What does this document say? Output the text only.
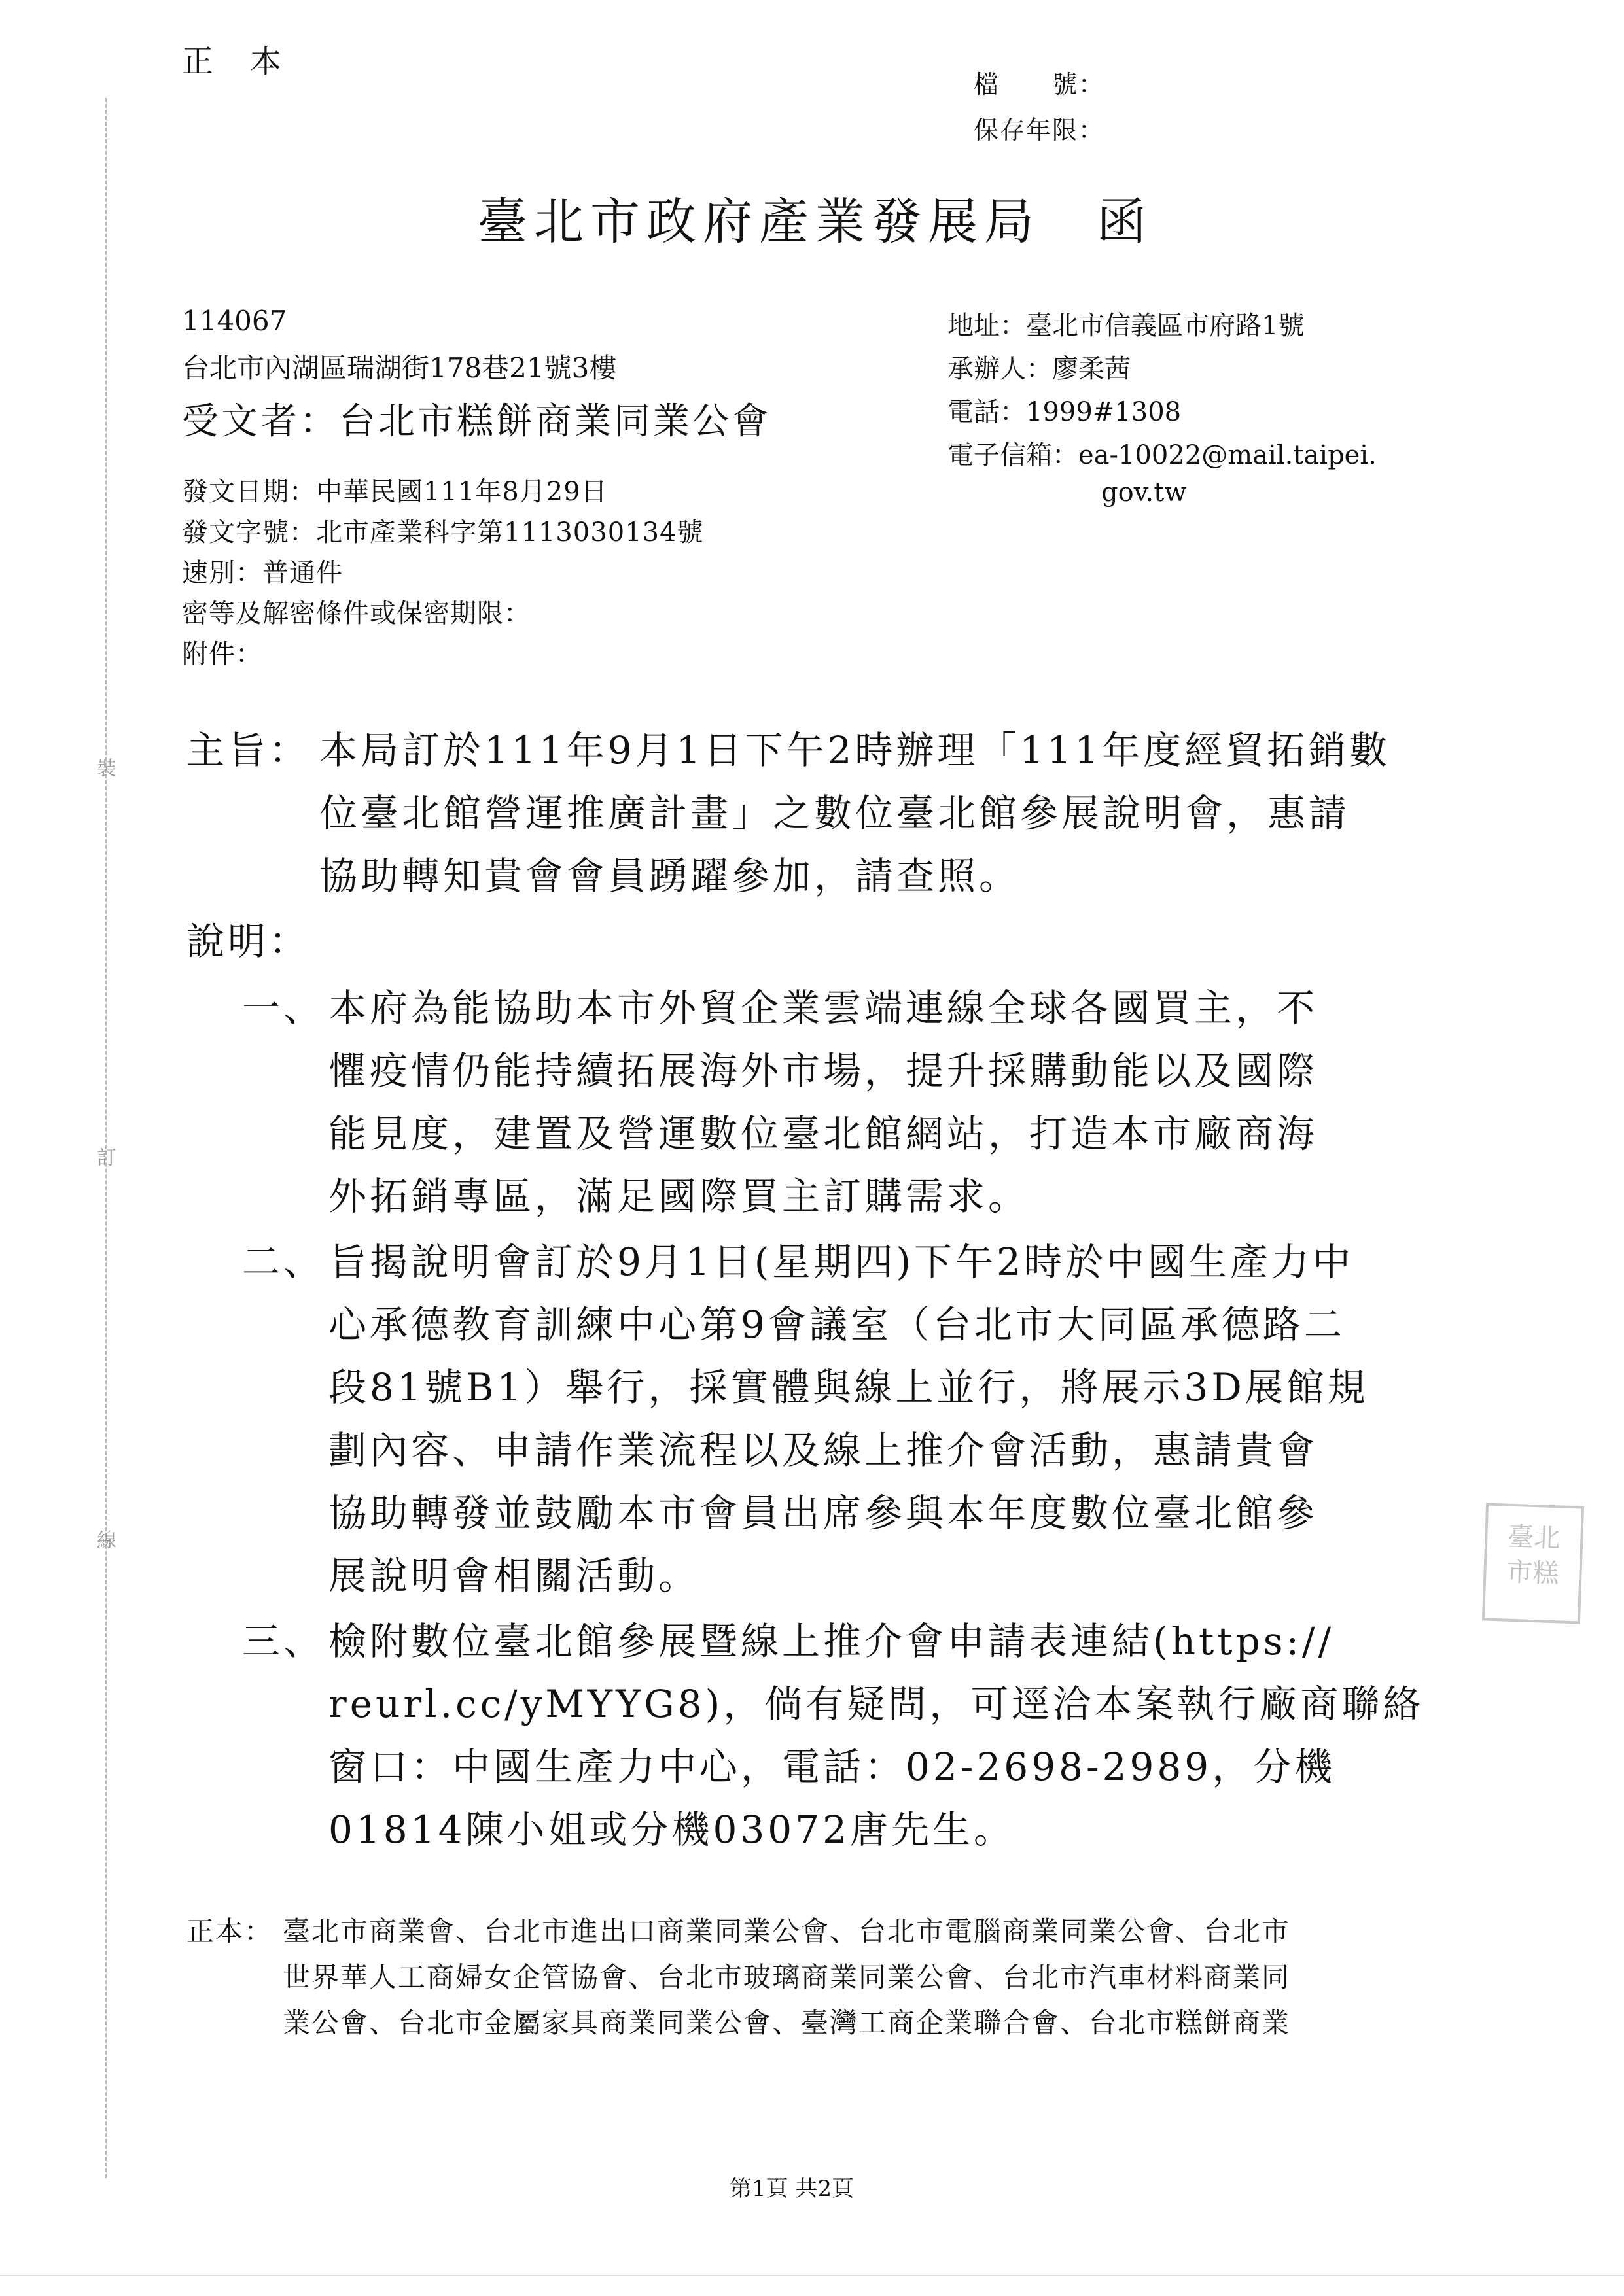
裝
訂
線
正本
檔　　號：
保存年限：
臺北市政府產業發展局　函
114067
台北市內湖區瑞湖街178巷21號3樓
受文者：台北市糕餅商業同業公會
地址：臺北市信義區市府路1號
承辦人：廖柔茜
電話：1999#1308
電子信箱：ea-10022@mail.taipei.
gov.tw
發文日期：中華民國111年8月29日
發文字號：北市產業科字第1113030134號
速別：普通件
密等及解密條件或保密期限：
附件：
主旨： 本局訂於111年9月1日下午2時辦理「111年度經貿拓銷數
位臺北館營運推廣計畫」之數位臺北館參展說明會，惠請
協助轉知貴會會員踴躍參加，請查照。
說明：
一、 本府為能協助本市外貿企業雲端連線全球各國買主，不
懼疫情仍能持續拓展海外市場，提升採購動能以及國際
能見度，建置及營運數位臺北館網站，打造本市廠商海
外拓銷專區，滿足國際買主訂購需求。
二、 旨揭說明會訂於9月1日(星期四)下午2時於中國生產力中
心承德教育訓練中心第9會議室（台北市大同區承德路二
段81號B1）舉行，採實體與線上並行，將展示3D展館規
劃內容、申請作業流程以及線上推介會活動，惠請貴會
協助轉發並鼓勵本市會員出席參與本年度數位臺北館參
展說明會相關活動。
三、 檢附數位臺北館參展暨線上推介會申請表連結(https://
reurl.cc/yMYYG8)，倘有疑問，可逕洽本案執行廠商聯絡
窗口：中國生產力中心，電話：02-2698-2989，分機
01814陳小姐或分機03072唐先生。
正本： 臺北市商業會、台北市進出口商業同業公會、台北市電腦商業同業公會、台北市
世界華人工商婦女企管協會、台北市玻璃商業同業公會、台北市汽車材料商業同
業公會、台北市金屬家具商業同業公會、臺灣工商企業聯合會、台北市糕餅商業
臺北
市糕
第1頁 共2頁
